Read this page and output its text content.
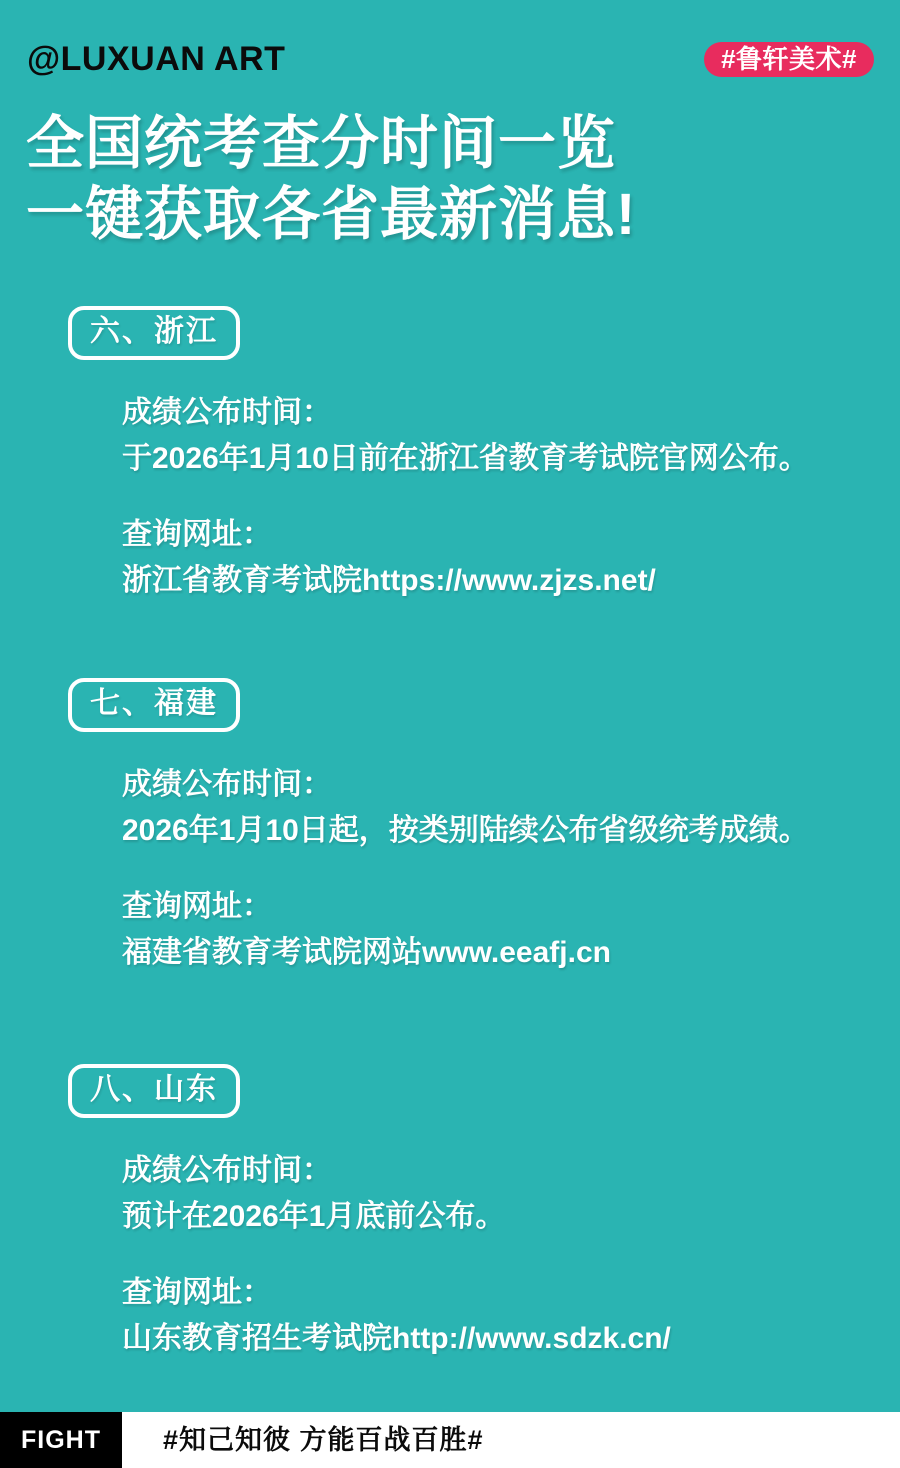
@LUXUAN ART	#鲁轩美术#
全国统考查分时间一览
一键获取各省最新消息!
六、浙江
成绩公布时间：
于2026年1月10日前在浙江省教育考试院官网公布。
查询网址：
浙江省教育考试院https://www.zjzs.net/
七、福建
成绩公布时间：
2026年1月10日起，按类别陆续公布省级统考成绩。
查询网址：
福建省教育考试院网站www.eeafj.cn
八、山东
成绩公布时间：
预计在2026年1月底前公布。
查询网址：
山东教育招生考试院http://www.sdzk.cn/
FIGHT #知己知彼 方能百战百胜#
